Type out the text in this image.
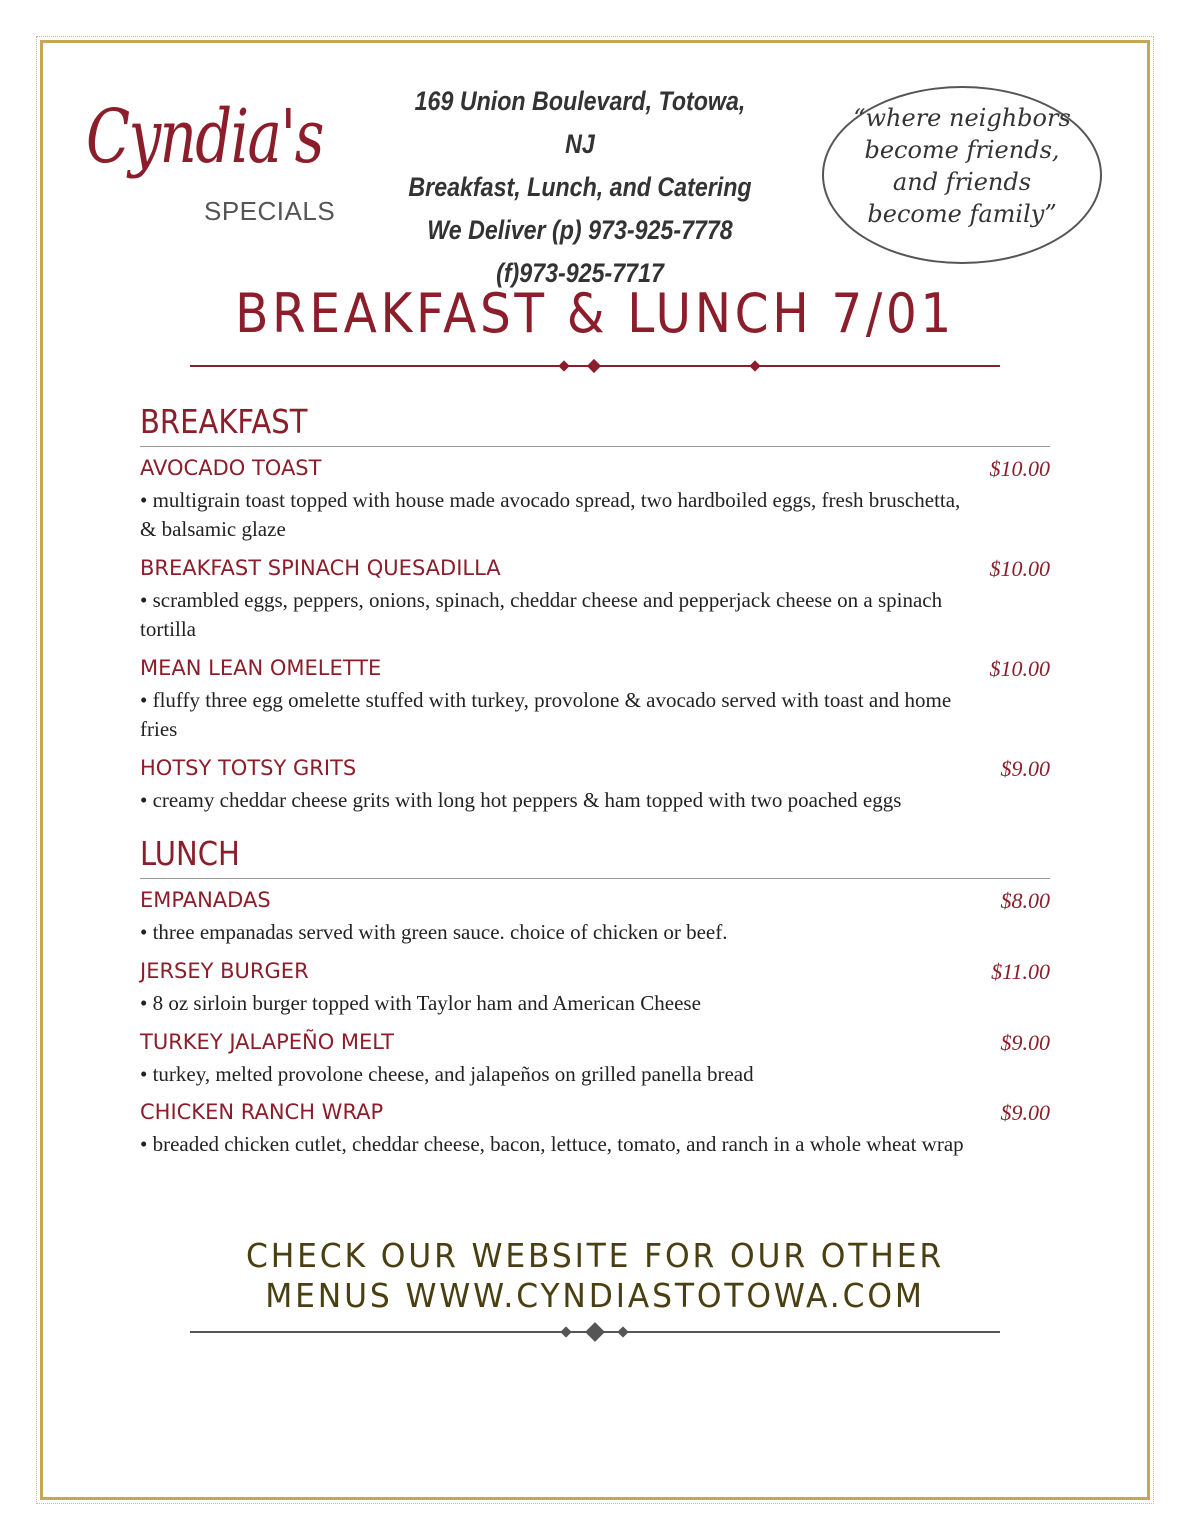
Cyndia's
SPECIALS
169 Union Boulevard, Totowa, NJ
Breakfast, Lunch, and Catering
We Deliver (p) 973-925-7778
(f)973-925-7717
“where neighbors
become friends,
and friends
become family”
BREAKFAST & LUNCH 7/01
BREAKFAST
AVOCADO TOAST	$10.00
• multigrain toast topped with house made avocado spread, two hardboiled eggs, fresh bruschetta, & balsamic glaze
BREAKFAST SPINACH QUESADILLA	$10.00
• scrambled eggs, peppers, onions, spinach, cheddar cheese and pepperjack cheese on a spinach tortilla
MEAN LEAN OMELETTE	$10.00
• fluffy three egg omelette stuffed with turkey, provolone & avocado served with toast and home fries
HOTSY TOTSY GRITS	$9.00
• creamy cheddar cheese grits with long hot peppers & ham topped with two poached eggs
LUNCH
EMPANADAS	$8.00
• three empanadas served with green sauce. choice of chicken or beef.
JERSEY BURGER	$11.00
• 8 oz sirloin burger topped with Taylor ham and American Cheese
TURKEY JALAPEÑO MELT	$9.00
• turkey, melted provolone cheese, and jalapeños on grilled panella bread
CHICKEN RANCH WRAP	$9.00
• breaded chicken cutlet, cheddar cheese, bacon, lettuce, tomato, and ranch in a whole wheat wrap
CHECK OUR WEBSITE FOR OUR OTHER
MENUS WWW.CYNDIASTOTOWA.COM
